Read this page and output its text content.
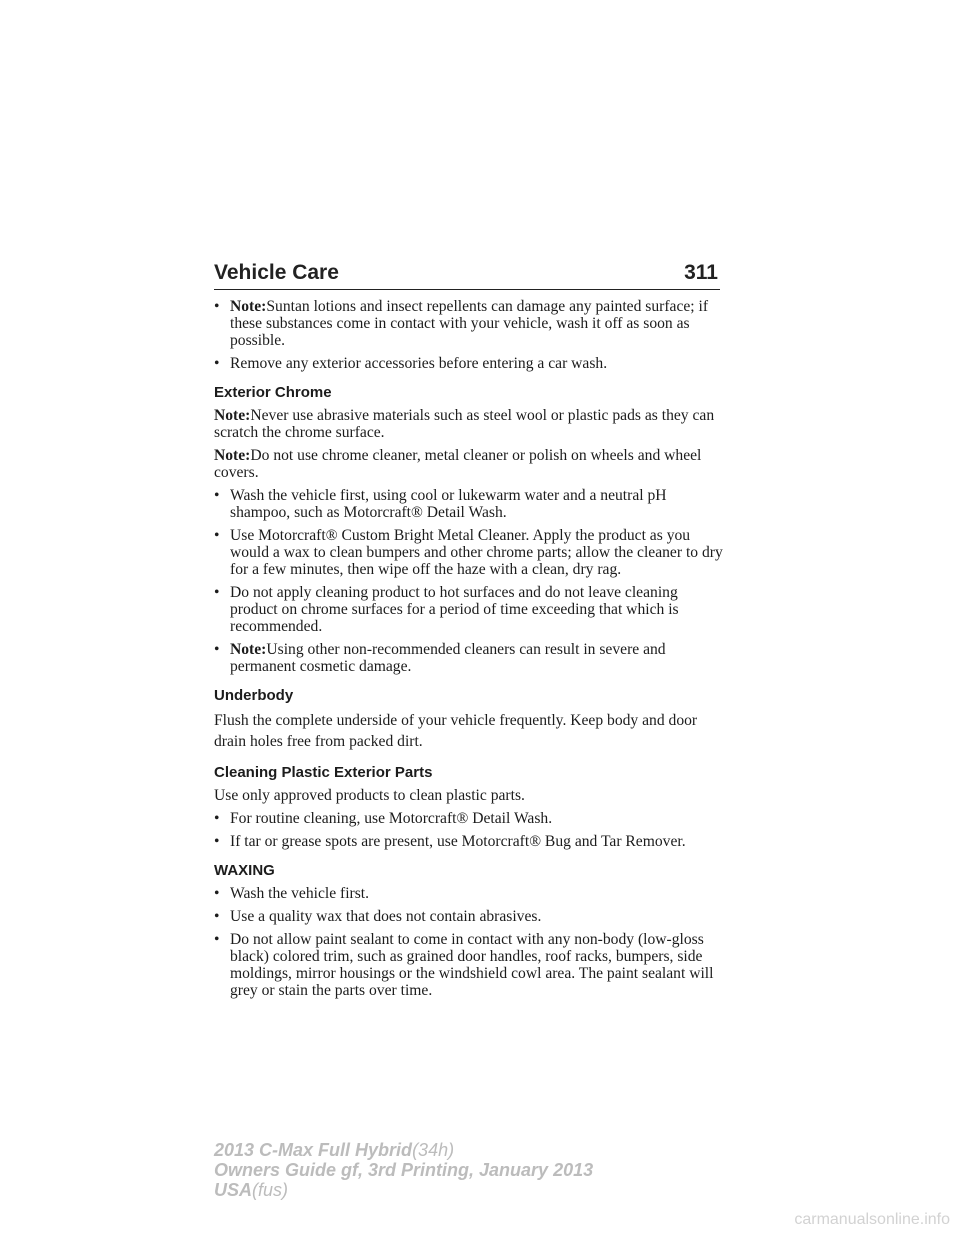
Vehicle Care	311
• Note:Suntan lotions and insect repellents can damage any painted surface; if these substances come in contact with your vehicle, wash it off as soon as possible.
• Remove any exterior accessories before entering a car wash.
Exterior Chrome
Note:Never use abrasive materials such as steel wool or plastic pads as they can scratch the chrome surface.
Note:Do not use chrome cleaner, metal cleaner or polish on wheels and wheel covers.
• Wash the vehicle first, using cool or lukewarm water and a neutral pH shampoo, such as Motorcraft® Detail Wash.
• Use Motorcraft® Custom Bright Metal Cleaner. Apply the product as you would a wax to clean bumpers and other chrome parts; allow the cleaner to dry for a few minutes, then wipe off the haze with a clean, dry rag.
• Do not apply cleaning product to hot surfaces and do not leave cleaning product on chrome surfaces for a period of time exceeding that which is recommended.
• Note:Using other non-recommended cleaners can result in severe and permanent cosmetic damage.
Underbody
Flush the complete underside of your vehicle frequently. Keep body and door drain holes free from packed dirt.
Cleaning Plastic Exterior Parts
Use only approved products to clean plastic parts.
• For routine cleaning, use Motorcraft® Detail Wash.
• If tar or grease spots are present, use Motorcraft® Bug and Tar Remover.
WAXING
• Wash the vehicle first.
• Use a quality wax that does not contain abrasives.
• Do not allow paint sealant to come in contact with any non-body (low-gloss black) colored trim, such as grained door handles, roof racks, bumpers, side moldings, mirror housings or the windshield cowl area. The paint sealant will grey or stain the parts over time.
2013 C-Max Full Hybrid(34h)
Owners Guide gf, 3rd Printing, January 2013
USA(fus)
carmanualsonline.info
